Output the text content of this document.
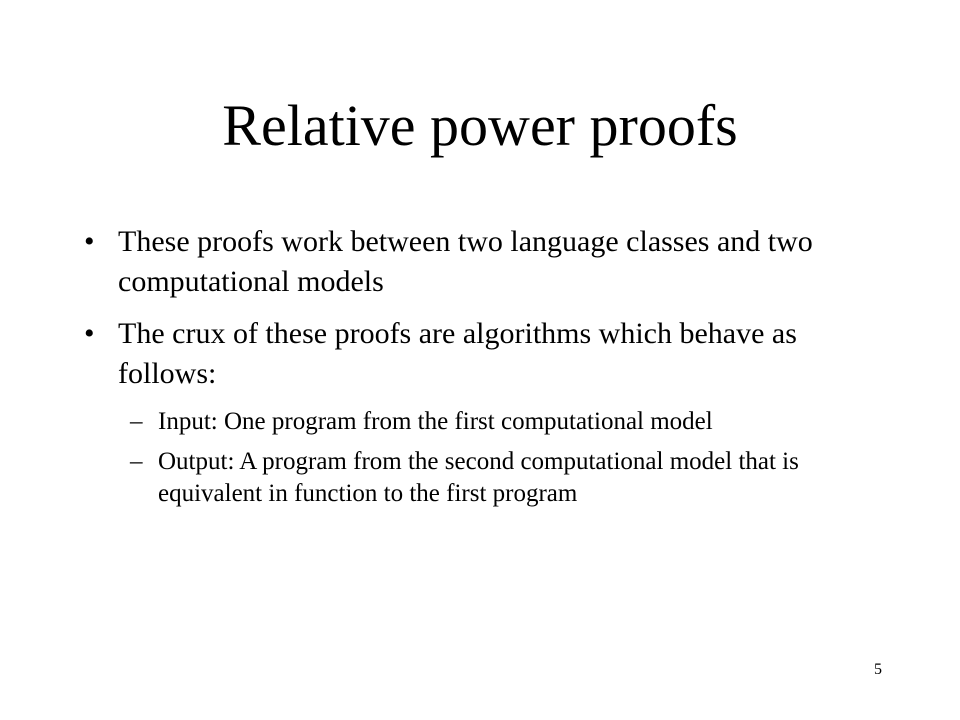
Relative power proofs
• These proofs work between two language classes and two computational models
• The crux of these proofs are algorithms which behave as follows:
– Input: One program from the first computational model
– Output: A program from the second computational model that is equivalent in function to the first program
5
